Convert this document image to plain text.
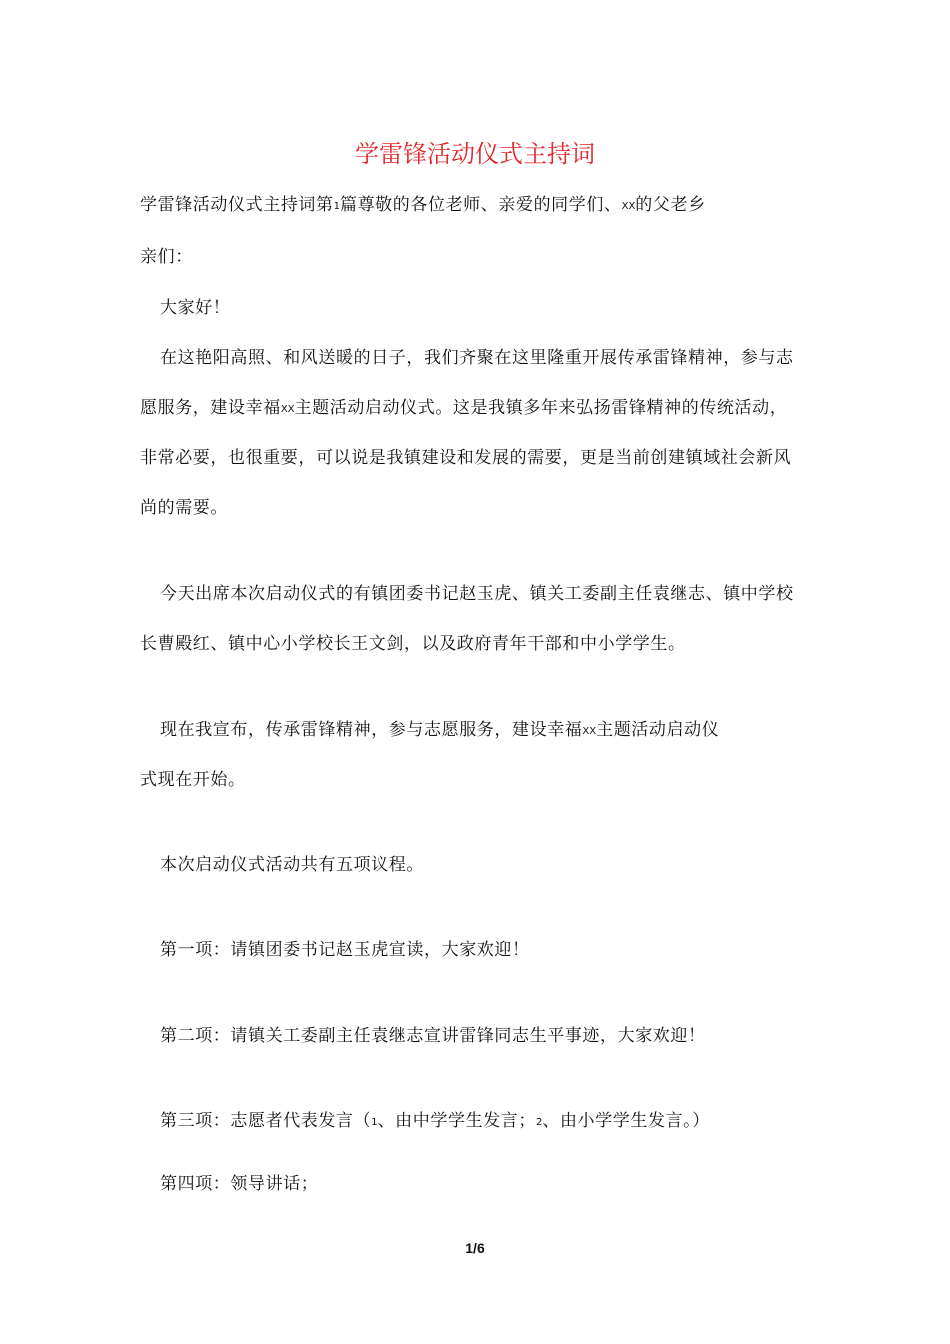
学雷锋活动仪式主持词
学雷锋活动仪式主持词第1篇尊敬的各位老师、亲爱的同学们、XX的父老乡
亲们：
大家好！
在这艳阳高照、和风送暖的日子，我们齐聚在这里隆重开展传承雷锋精神，参与志
愿服务，建设幸福XX主题活动启动仪式。这是我镇多年来弘扬雷锋精神的传统活动，
非常必要，也很重要，可以说是我镇建设和发展的需要，更是当前创建镇域社会新风
尚的需要。
今天出席本次启动仪式的有镇团委书记赵玉虎、镇关工委副主任袁继志、镇中学校
长曹殿红、镇中心小学校长王文剑，以及政府青年干部和中小学学生。
现在我宣布，传承雷锋精神，参与志愿服务，建设幸福XX主题活动启动仪
式现在开始。
本次启动仪式活动共有五项议程。
第一项：请镇团委书记赵玉虎宣读，大家欢迎！
第二项：请镇关工委副主任袁继志宣讲雷锋同志生平事迹，大家欢迎！
第三项：志愿者代表发言（1、由中学学生发言；2、由小学学生发言。）
第四项：领导讲话；
1/6
